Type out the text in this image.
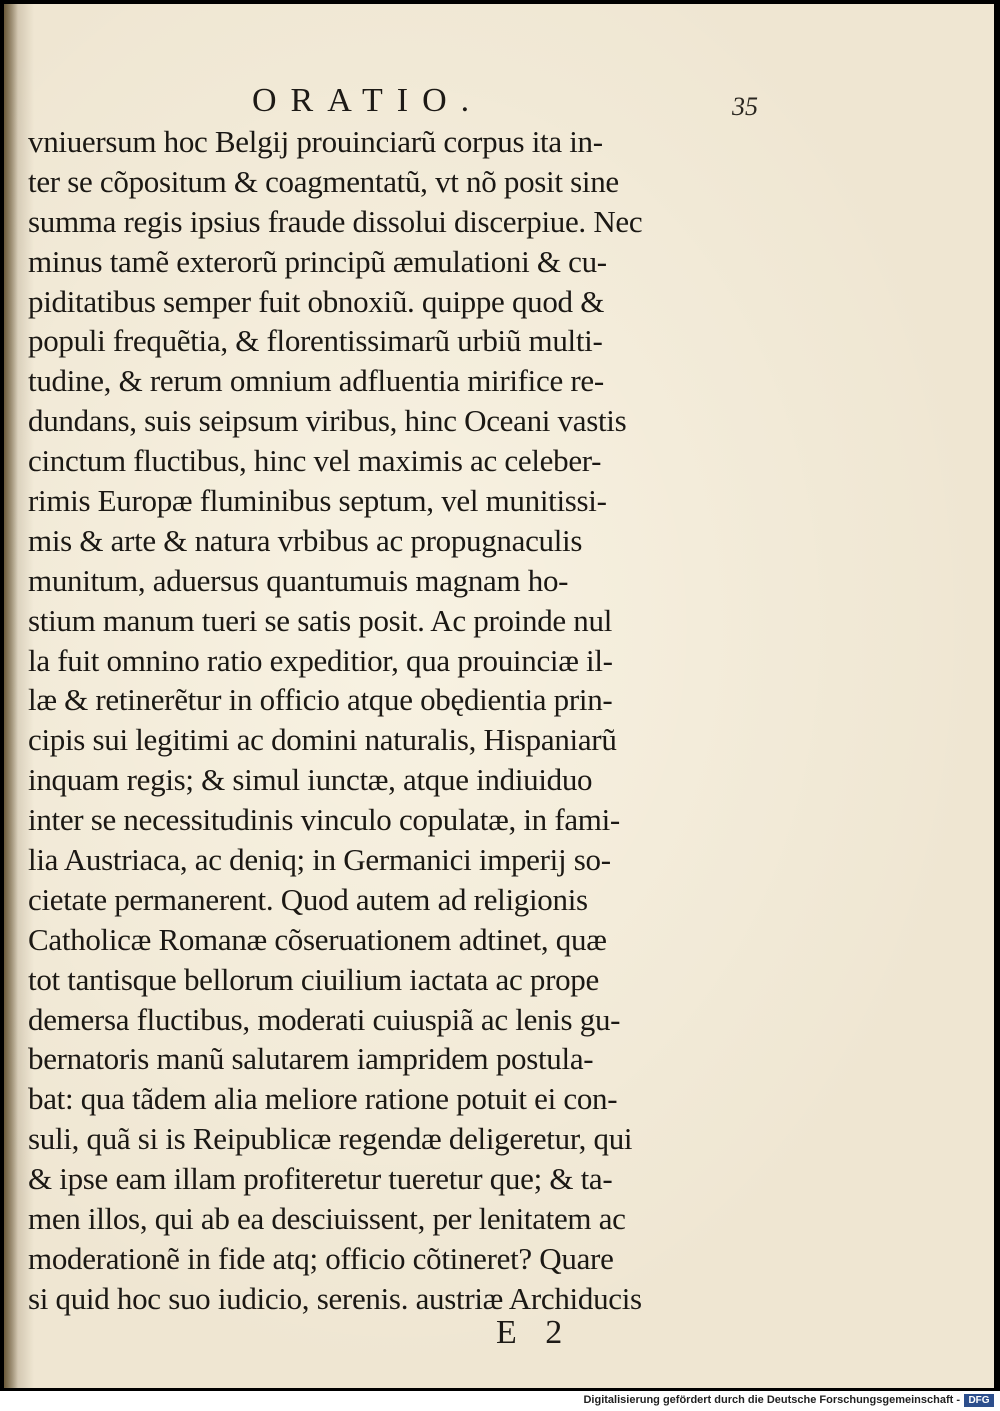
ORATIO.	35
vniuersum hoc Belgij prouinciarũ corpus ita in-
ter se cõpositum & coagmentatũ, vt nõ posit sine
summa regis ipsius fraude dissolui discerpiue. Nec
minus tamẽ exterorũ principũ æmulationi & cu-
piditatibus semper fuit obnoxiũ. quippe quod &
populi frequẽtia, & florentissimarũ urbiũ multi-
tudine, & rerum omnium adfluentia mirifice re-
dundans, suis seipsum viribus, hinc Oceani vastis
cinctum fluctibus, hinc vel maximis ac celeber-
rimis Europæ fluminibus septum, vel munitissi-
mis & arte & natura vrbibus ac propugnaculis
munitum, aduersus quantumuis magnam ho-
stium manum tueri se satis posit. Ac proinde nul
la fuit omnino ratio expeditior, qua prouinciæ il-
læ & retinerẽtur in officio atque obędientia prin-
cipis sui legitimi ac domini naturalis, Hispaniarũ
inquam regis; & simul iunctæ, atque indiuiduo
inter se necessitudinis vinculo copulatæ, in fami-
lia Austriaca, ac deniq; in Germanici imperij so-
cietate permanerent. Quod autem ad religionis
Catholicæ Romanæ cõseruationem adtinet, quæ
tot tantisque bellorum ciuilium iactata ac prope
demersa fluctibus, moderati cuiuspiã ac lenis gu-
bernatoris manũ salutarem iampridem postula-
bat: qua tãdem alia meliore ratione potuit ei con-
suli, quã si is Reipublicæ regendæ deligeretur, qui
& ipse eam illam profiteretur tueretur que; & ta-
men illos, qui ab ea desciuissent, per lenitatem ac
moderationẽ in fide atq; officio cõtineret? Quare
si quid hoc suo iudicio, serenis. austriæ Archiducis
E 2
Digitalisierung gefördert durch die Deutsche Forschungsgemeinschaft - DFG
